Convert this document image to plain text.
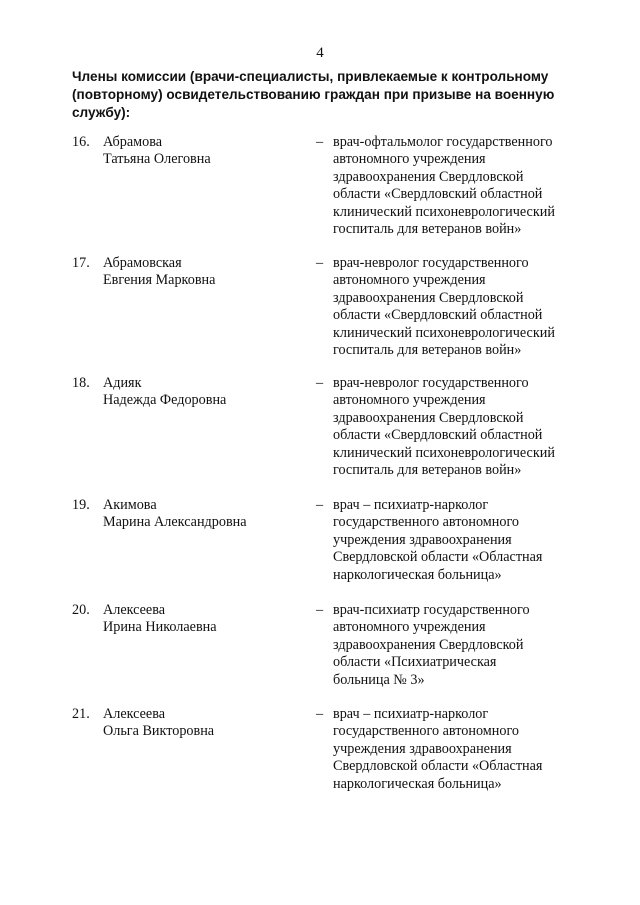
4
Члены комиссии (врачи-специалисты, привлекаемые к контрольному (повторному) освидетельствованию граждан при призыве на военную службу):
16. Абрамова
Татьяна Олеговна
– врач-офтальмолог государственного
автономного учреждения
здравоохранения Свердловской
области «Свердловский областной
клинический психоневрологический
госпиталь для ветеранов войн»
17. Абрамовская
Евгения Марковна
– врач-невролог государственного
автономного учреждения
здравоохранения Свердловской
области «Свердловский областной
клинический психоневрологический
госпиталь для ветеранов войн»
18. Адияк
Надежда Федоровна
– врач-невролог государственного
автономного учреждения
здравоохранения Свердловской
области «Свердловский областной
клинический психоневрологический
госпиталь для ветеранов войн»
19. Акимова
Марина Александровна
– врач – психиатр-нарколог
государственного автономного
учреждения здравоохранения
Свердловской области «Областная
наркологическая больница»
20. Алексеева
Ирина Николаевна
– врач-психиатр государственного
автономного учреждения
здравоохранения Свердловской
области «Психиатрическая
больница № 3»
21. Алексеева
Ольга Викторовна
– врач – психиатр-нарколог
государственного автономного
учреждения здравоохранения
Свердловской области «Областная
наркологическая больница»
